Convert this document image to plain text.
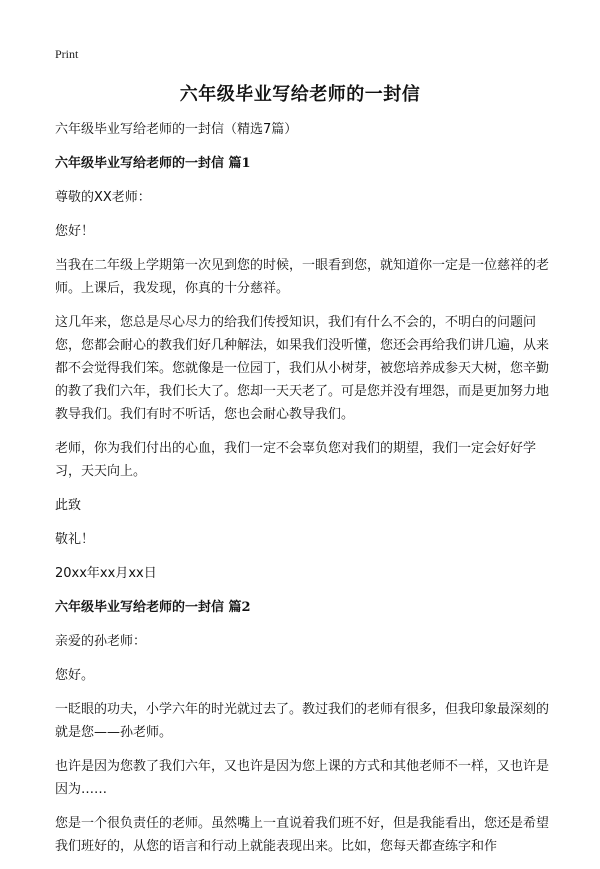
Print
六年级毕业写给老师的一封信

六年级毕业写给老师的一封信（精选7篇）

六年级毕业写给老师的一封信 篇1

尊敬的XX老师：

您好！

当我在二年级上学期第一次见到您的时候，一眼看到您，就知道你一定是一位慈祥的老师。上课后，我发现，你真的十分慈祥。

这几年来，您总是尽心尽力的给我们传授知识，我们有什么不会的，不明白的问题问您，您都会耐心的教我们好几种解法，如果我们没听懂，您还会再给我们讲几遍，从来都不会觉得我们笨。您就像是一位园丁，我们从小树芽，被您培养成参天大树，您辛勤的教了我们六年，我们长大了。您却一天天老了。可是您并没有埋怨，而是更加努力地教导我们。我们有时不听话，您也会耐心教导我们。

老师，你为我们付出的心血，我们一定不会辜负您对我们的期望，我们一定会好好学习，天天向上。

此致

敬礼！

20xx年xx月xx日

六年级毕业写给老师的一封信 篇2

亲爱的孙老师：

您好。

一眨眼的功夫，小学六年的时光就过去了。教过我们的老师有很多，但我印象最深刻的就是您——孙老师。

也许是因为您教了我们六年，又也许是因为您上课的方式和其他老师不一样，又也许是因为……

您是一个很负责任的老师。虽然嘴上一直说着我们班不好，但是我能看出，您还是希望我们班好的，从您的语言和行动上就能表现出来。比如，您每天都查练字和作
